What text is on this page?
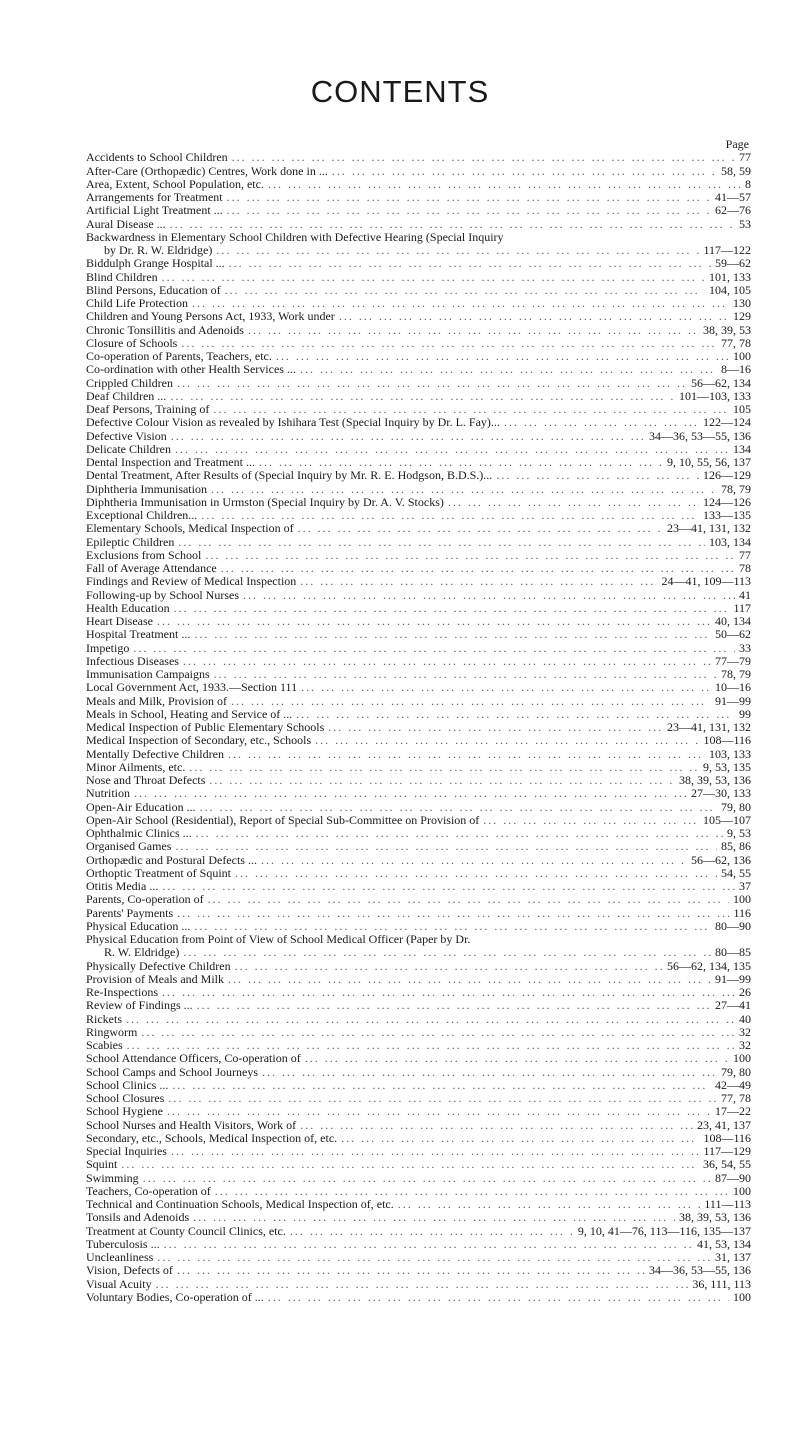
CONTENTS
Page
Accidents to School Children ... .	77
After-Care (Orthopædic) Centres, Work done in ... ... .	58, 59
Area, Extent, School Population, etc. ... .	8
Arrangements for Treatment ... .	41—57
Artificial Light Treatment ... ... .	62—76
Aural Disease ... ... .	53
Backwardness in Elementary School Children with Defective Hearing (Special Inquiry
by Dr. R. W. Eldridge) ... .	117—122
Biddulph Grange Hospital ... ... .	59—62
Blind Children ... .	101, 133
Blind Persons, Education of ... .	104, 105
Child Life Protection ... .	130
Children and Young Persons Act, 1933, Work under ... .	129
Chronic Tonsillitis and Adenoids ... .	38, 39, 53
Closure of Schools ... .	77, 78
Co-operation of Parents, Teachers, etc. ... .	100
Co-ordination with other Health Services ... ... .	8—16
Crippled Children ... .	56—62, 134
Deaf Children ... ... .	101—103, 133
Deaf Persons, Training of ... .	105
Defective Colour Vision as revealed by Ishihara Test (Special Inquiry by Dr. L. Fay)... ... .	122—124
Defective Vision ... .	34—36, 53—55, 136
Delicate Children ... .	134
Dental Inspection and Treatment ... ... .	9, 10, 55, 56, 137
Dental Treatment, After Results of (Special Inquiry by Mr. R. E. Hodgson, B.D.S.)... ... .	126—129
Diphtheria Immunisation ... .	78, 79
Diphtheria Immunisation in Urmston (Special Inquiry by Dr. A. V. Stocks) ... .	124—126
Exceptional Children... ... .	133—135
Elementary Schools, Medical Inspection of ... .	23—41, 131, 132
Epileptic Children ... .	103, 134
Exclusions from School ... .	77
Fall of Average Attendance ... .	78
Findings and Review of Medical Inspection ... .	24—41, 109—113
Following-up by School Nurses ... .	41
Health Education ... .	117
Heart Disease ... .	40, 134
Hospital Treatment ... ... .	50—62
Impetigo ... .	33
Infectious Diseases ... .	77—79
Immunisation Campaigns ... .	78, 79
Local Government Act, 1933.—Section 111 ... .	10—16
Meals and Milk, Provision of ... .	91—99
Meals in School, Heating and Service of ... ... .	99
Medical Inspection of Public Elementary Schools ... .	23—41, 131, 132
Medical Inspection of Secondary, etc., Schools ... .	108—116
Mentally Defective Children ... .	103, 133
Minor Ailments, etc. ... .	9, 53, 135
Nose and Throat Defects ... .	38, 39, 53, 136
Nutrition ... .	27—30, 133
Open-Air Education ... ... .	79, 80
Open-Air School (Residential), Report of Special Sub-Committee on Provision of ... .	105—107
Ophthalmic Clinics ... ... .	9, 53
Organised Games ... .	85, 86
Orthopædic and Postural Defects ... ... .	56—62, 136
Orthoptic Treatment of Squint ... .	54, 55
Otitis Media ... ... .	37
Parents, Co-operation of ... .	100
Parents' Payments ... .	116
Physical Education ... ... .	80—90
Physical Education from Point of View of School Medical Officer (Paper by Dr.
R. W. Eldridge) ... .	80—85
Physically Defective Children ... .	56—62, 134, 135
Provision of Meals and Milk ... .	91—99
Re-Inspections ... .	26
Review of Findings ... ... .	27—41
Rickets ... .	40
Ringworm ... .	32
Scabies ... .	32
School Attendance Officers, Co-operation of ... .	100
School Camps and School Journeys ... .	79, 80
School Clinics ... ... .	42—49
School Closures ... .	77, 78
School Hygiene ... .	17—22
School Nurses and Health Visitors, Work of ... .	23, 41, 137
Secondary, etc., Schools, Medical Inspection of, etc. ... .	108—116
Special Inquiries ... .	117—129
Squint ... .	36, 54, 55
Swimming ... .	87—90
Teachers, Co-operation of ... .	100
Technical and Continuation Schools, Medical Inspection of, etc. ... .	111—113
Tonsils and Adenoids ... .	38, 39, 53, 136
Treatment at County Council Clinics, etc. ... .	9, 10, 41—76, 113—116, 135—137
Tuberculosis ... ... .	41, 53, 134
Uncleanliness ... .	31, 137
Vision, Defects of ... .	34—36, 53—55, 136
Visual Acuity ... .	36, 111, 113
Voluntary Bodies, Co-operation of ... ... .	100
